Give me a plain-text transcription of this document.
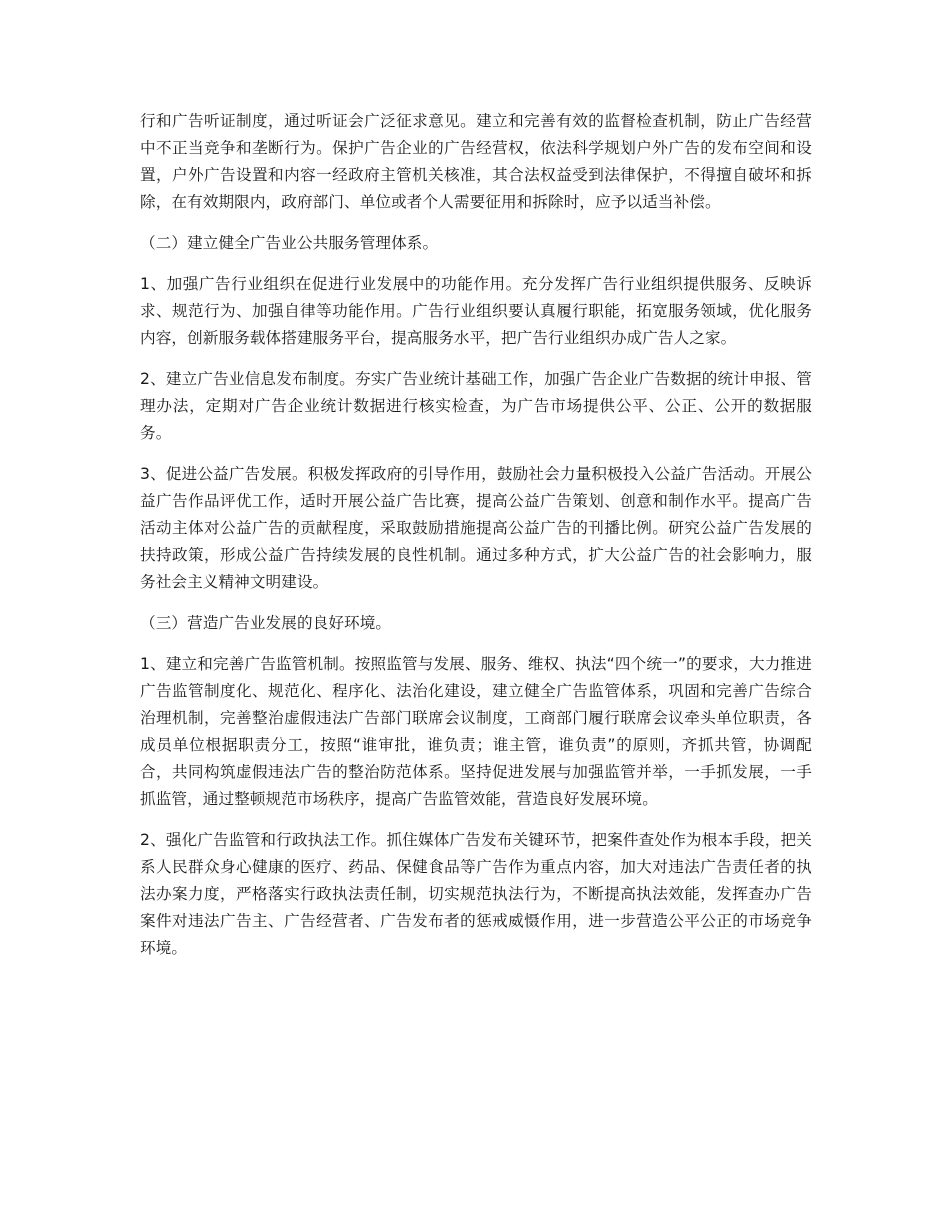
行和广告听证制度，通过听证会广泛征求意见。建立和完善有效的监督检查机制，防止广告经营中不正当竞争和垄断行为。保护广告企业的广告经营权，依法科学规划户外广告的发布空间和设置，户外广告设置和内容一经政府主管机关核准，其合法权益受到法律保护，不得擅自破坏和拆除，在有效期限内，政府部门、单位或者个人需要征用和拆除时，应予以适当补偿。

（二）建立健全广告业公共服务管理体系。

1、加强广告行业组织在促进行业发展中的功能作用。充分发挥广告行业组织提供服务、反映诉求、规范行为、加强自律等功能作用。广告行业组织要认真履行职能，拓宽服务领域，优化服务内容，创新服务载体搭建服务平台，提高服务水平，把广告行业组织办成广告人之家。

2、建立广告业信息发布制度。夯实广告业统计基础工作，加强广告企业广告数据的统计申报、管理办法，定期对广告企业统计数据进行核实检查，为广告市场提供公平、公正、公开的数据服务。

3、促进公益广告发展。积极发挥政府的引导作用，鼓励社会力量积极投入公益广告活动。开展公益广告作品评优工作，适时开展公益广告比赛，提高公益广告策划、创意和制作水平。提高广告活动主体对公益广告的贡献程度，采取鼓励措施提高公益广告的刊播比例。研究公益广告发展的扶持政策，形成公益广告持续发展的良性机制。通过多种方式，扩大公益广告的社会影响力，服务社会主义精神文明建设。

（三）营造广告业发展的良好环境。

1、建立和完善广告监管机制。按照监管与发展、服务、维权、执法“四个统一”的要求，大力推进广告监管制度化、规范化、程序化、法治化建设，建立健全广告监管体系，巩固和完善广告综合治理机制，完善整治虚假违法广告部门联席会议制度，工商部门履行联席会议牵头单位职责，各成员单位根据职责分工，按照“谁审批，谁负责；谁主管，谁负责”的原则，齐抓共管，协调配合，共同构筑虚假违法广告的整治防范体系。坚持促进发展与加强监管并举，一手抓发展，一手抓监管，通过整顿规范市场秩序，提高广告监管效能，营造良好发展环境。

2、强化广告监管和行政执法工作。抓住媒体广告发布关键环节，把案件查处作为根本手段，把关系人民群众身心健康的医疗、药品、保健食品等广告作为重点内容，加大对违法广告责任者的执法办案力度，严格落实行政执法责任制，切实规范执法行为，不断提高执法效能，发挥查办广告案件对违法广告主、广告经营者、广告发布者的惩戒威慑作用，进一步营造公平公正的市场竞争环境。
